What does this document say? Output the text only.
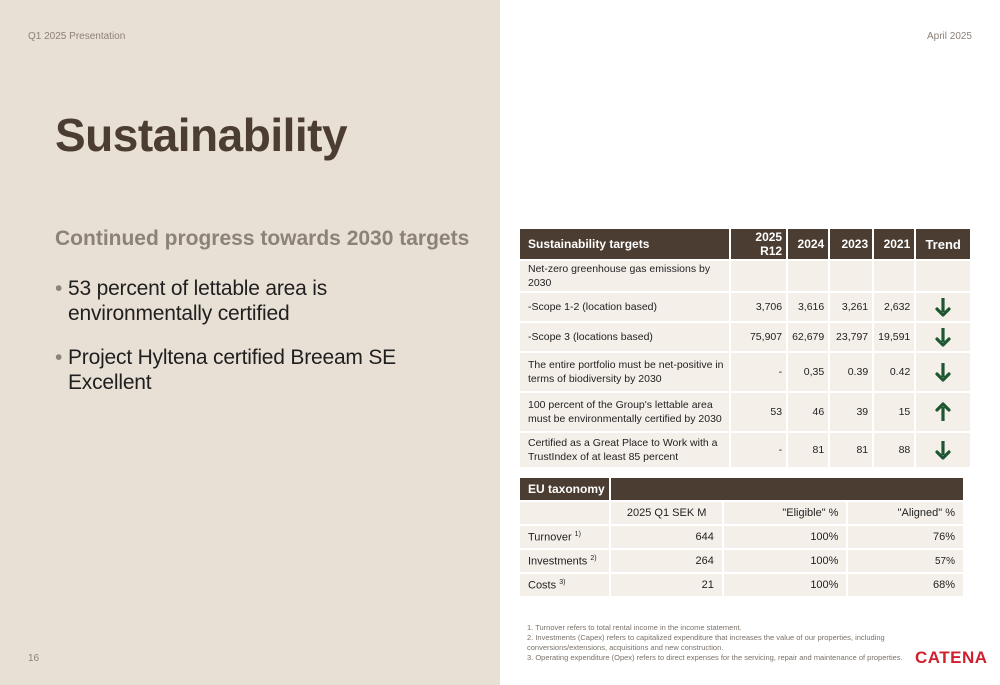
Q1 2025 Presentation	April 2025
16
Sustainability
Continued progress towards 2030 targets
• 53 percent of lettable area is environmentally certified
• Project Hyltena certified Breeam SE Excellent
Sustainability targets	2025 R12	2024	2023	2021	Trend
Net-zero greenhouse gas emissions by 2030					
-Scope 1-2 (location based)	3,706	3,616	3,261	2,632	
-Scope 3 (locations based)	75,907	62,679	23,797	19,591	
The entire portfolio must be net-positive in terms of biodiversity by 2030	-	0,35	0.39	0.42	
100 percent of the Group's lettable area must be environmentally certified by 2030	53	46	39	15	
Certified as a Great Place to Work with a TrustIndex of at least 85 percent	-	81	81	88	
EU taxonomy			
	2025 Q1 SEK M	"Eligible" %	"Aligned" %
Turnover $^{1)}$	644	100%	76%
Investments $^{2)}$	264	100%	57%
Costs $^{3)}$	21	100%	68%
1. Turnover refers to total rental income in the income statement.
2. Investments (Capex) refers to capitalized expenditure that increases the value of our properties, including conversions/extensions, acquisitions and new construction.
3. Operating expenditure (Opex) refers to direct expenses for the servicing, repair and maintenance of properties. CATENA
